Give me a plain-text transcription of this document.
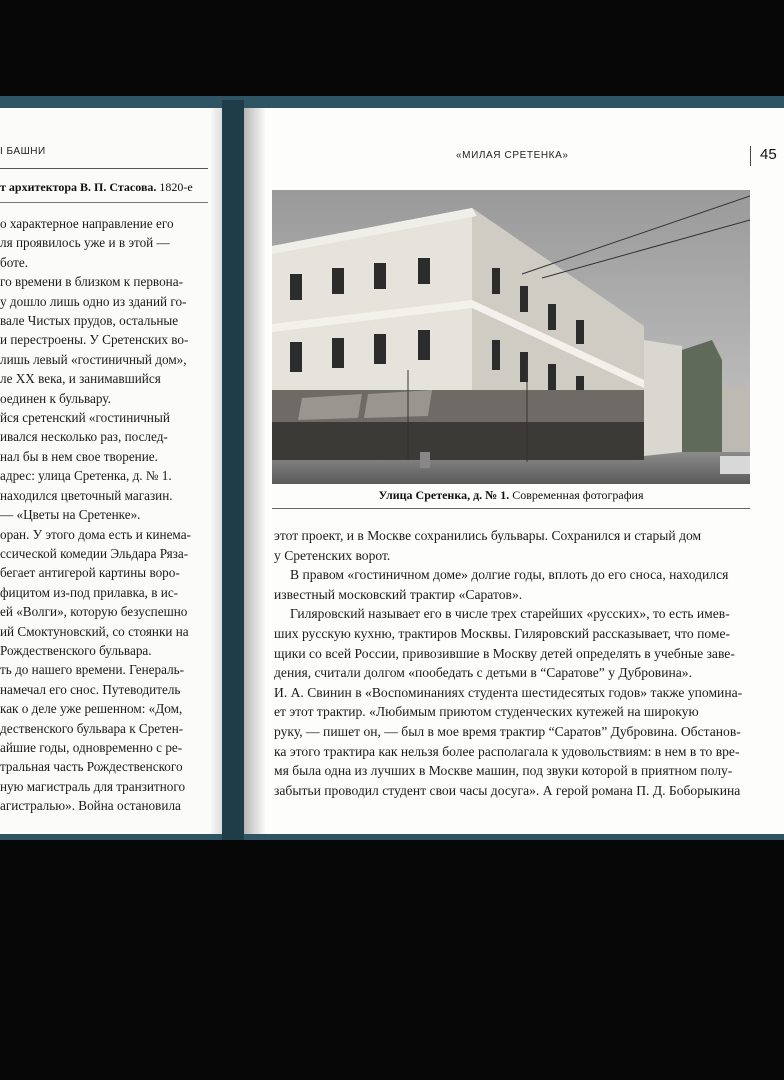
I БАШНИ
т архитектора В. П. Стасова. 1820-е
о характерное направление его
ля проявилось уже и в этой —
боте.
го времени в близком к первона-
у дошло лишь одно из зданий го-
вале Чистых прудов, остальные
и перестроены. У Сретенских во-
лишь левый «гостиничный дом»,
ле XX века, и занимавшийся
оединен к бульвару.
йся сретенский «гостиничный
ивался несколько раз, послед-
нал бы в нем свое творение.
адрес: улица Сретенка, д. № 1.
находился цветочный магазин.
— «Цветы на Сретенке».
оран. У этого дома есть и кинема-
ссической комедии Эльдара Ряза-
бегает антигерой картины воро-
фицитом из-под прилавка, в ис-
ей «Волги», которую безуспешно
ий Смоктуновский, со стоянки на
Рождественского бульвара.
ть до нашего времени. Генераль-
намечал его снос. Путеводитель
как о деле уже решенном: «Дом,
дественского бульвара к Сретен-
айшие годы, одновременно с ре-
тральная часть Рождественского
ную магистраль для транзитного
агистралью». Война остановила
«МИЛАЯ СРЕТЕНКА»	45
Улица Сретенка, д. № 1. Современная фотография
этот проект, и в Москве сохранились бульвары. Сохранился и старый дом
у Сретенских ворот.
В правом «гостиничном доме» долгие годы, вплоть до его сноса, находился
известный московский трактир «Саратов».
Гиляровский называет его в числе трех старейших «русских», то есть имев-
ших русскую кухню, трактиров Москвы. Гиляровский рассказывает, что поме-
щики со всей России, привозившие в Москву детей определять в учебные заве-
дения, считали долгом «пообедать с детьми в “Саратове” у Дубровина».
И. А. Свинин в «Воспоминаниях студента шестидесятых годов» также упомина-
ет этот трактир. «Любимым приютом студенческих кутежей на широкую
руку, — пишет он, — был в мое время трактир “Саратов” Дубровина. Обстанов-
ка этого трактира как нельзя более располагала к удовольствиям: в нем в то вре-
мя была одна из лучших в Москве машин, под звуки которой в приятном полу-
забытьи проводил студент свои часы досуга». А герой романа П. Д. Боборыкина
